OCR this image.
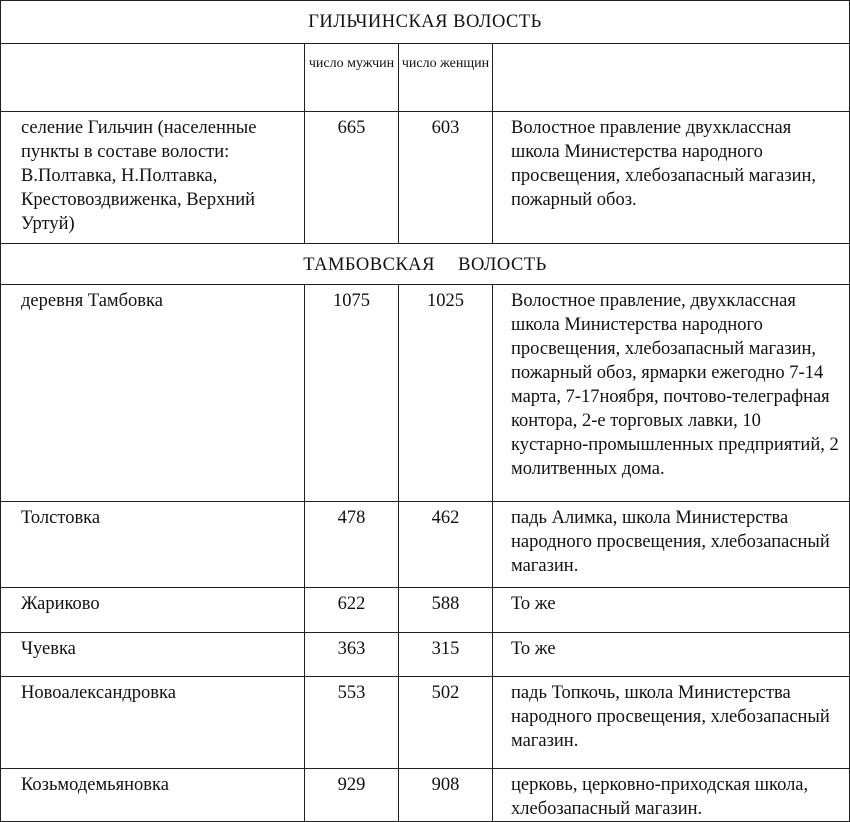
ГИЛЬЧИНСКАЯ ВОЛОСТЬ			
	число мужчин	число женщин	
селение Гильчин (населенные пункты в составе волости: В.Полтавка, Н.Полтавка, Крестовоздвиженка, Верхний Уртуй)	665	603	Волостное правление двухклассная школа Министерства народного просвещения, хлебозапасный магазин, пожарный обоз.
ТАМБОВСКАЯ ВОЛОСТЬ			
деревня Тамбовка	1075	1025	Волостное правление, двухклассная школа Министерства народного просвещения, хлебозапасный магазин, пожарный обоз, ярмарки ежегодно 7-14 марта, 7-17ноября, почтово-телеграфная контора, 2-е торговых лавки, 10 кустарно-промышленных предприятий, 2 молитвенных дома.
Толстовка	478	462	падь Алимка, школа Министерства народного просвещения, хлебозапасный магазин.
Жариково	622	588	То же
Чуевка	363	315	То же
Новоалександровка	553	502	падь Топкочь, школа Министерства народного просвещения, хлебозапасный магазин.
Козьмодемьяновка	929	908	церковь, церковно-приходская школа, хлебозапасный магазин.
